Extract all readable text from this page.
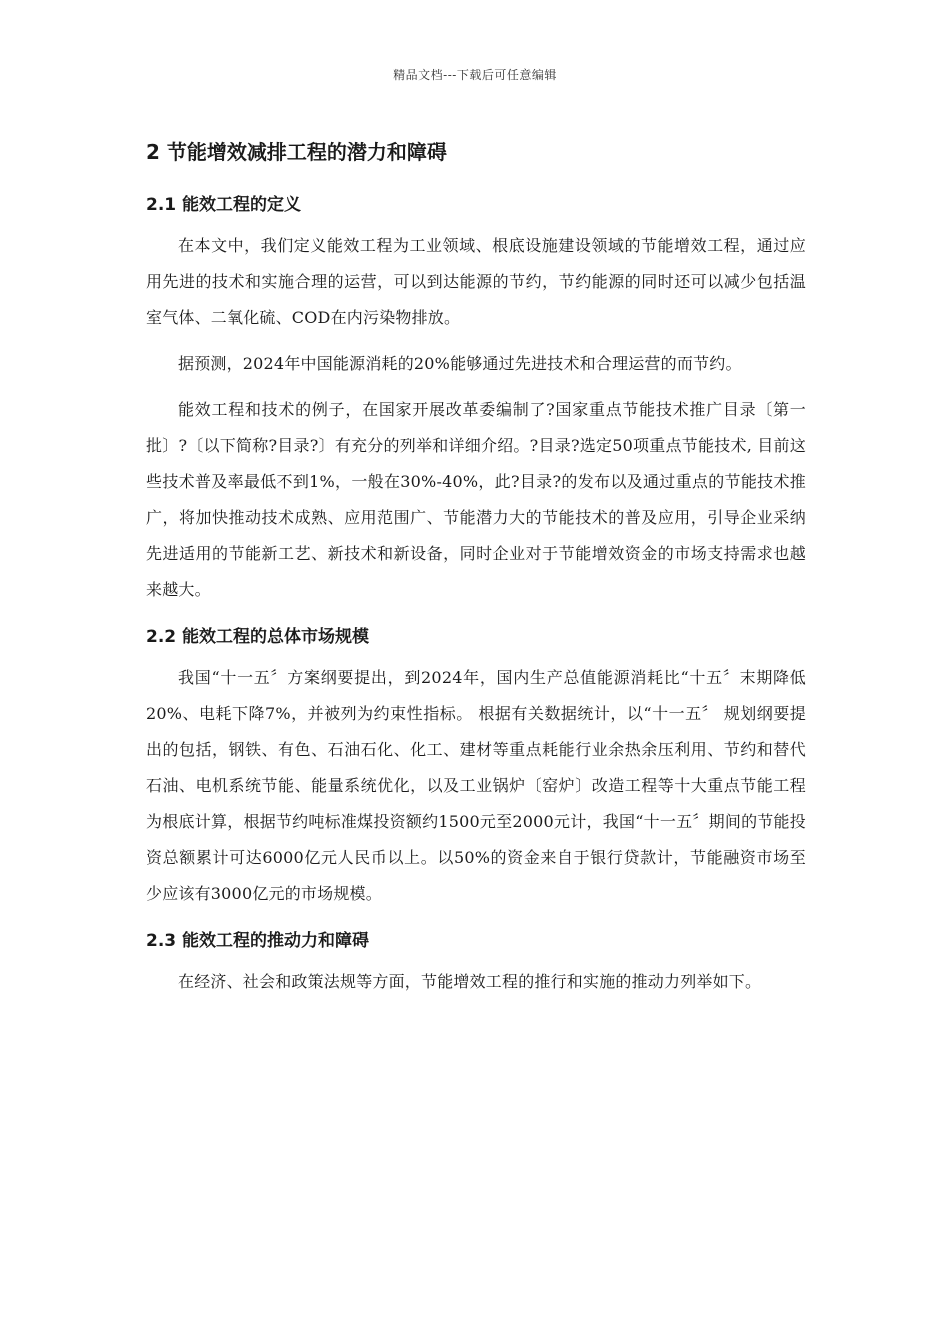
精品文档---下载后可任意编辑
2 节能增效减排工程的潜力和障碍
2.1 能效工程的定义

在本文中，我们定义能效工程为工业领域、根底设施建设领域的节能增效工程，通过应用先进的技术和实施合理的运营，可以到达能源的节约，节约能源的同时还可以减少包括温室气体、二氧化硫、COD在内污染物排放。

据预测，2024年中国能源消耗的20%能够通过先进技术和合理运营的而节约。

能效工程和技术的例子，在国家开展改革委编制了?国家重点节能技术推广目录〔第一批〕?〔以下简称?目录?〕有充分的列举和详细介绍。?目录?选定50项重点节能技术, 目前这些技术普及率最低不到1%，一般在30%-40%，此?目录?的发布以及通过重点的节能技术推广，将加快推动技术成熟、应用范围广、节能潜力大的节能技术的普及应用，引导企业采纳先进适用的节能新工艺、新技术和新设备，同时企业对于节能增效资金的市场支持需求也越来越大。

2.2 能效工程的总体市场规模

我国“十一五〞方案纲要提出，到2024年，国内生产总值能源消耗比“十五〞末期降低20%、电耗下降7%，并被列为约束性指标。 根据有关数据统计，以“十一五〞 规划纲要提出的包括，钢铁、有色、石油石化、化工、建材等重点耗能行业余热余压利用、节约和替代石油、电机系统节能、能量系统优化，以及工业锅炉〔窑炉〕改造工程等十大重点节能工程为根底计算，根据节约吨标准煤投资额约1500元至2000元计，我国“十一五〞期间的节能投资总额累计可达6000亿元人民币以上。以50%的资金来自于银行贷款计，节能融资市场至少应该有3000亿元的市场规模。

2.3 能效工程的推动力和障碍

在经济、社会和政策法规等方面，节能增效工程的推行和实施的推动力列举如下。
